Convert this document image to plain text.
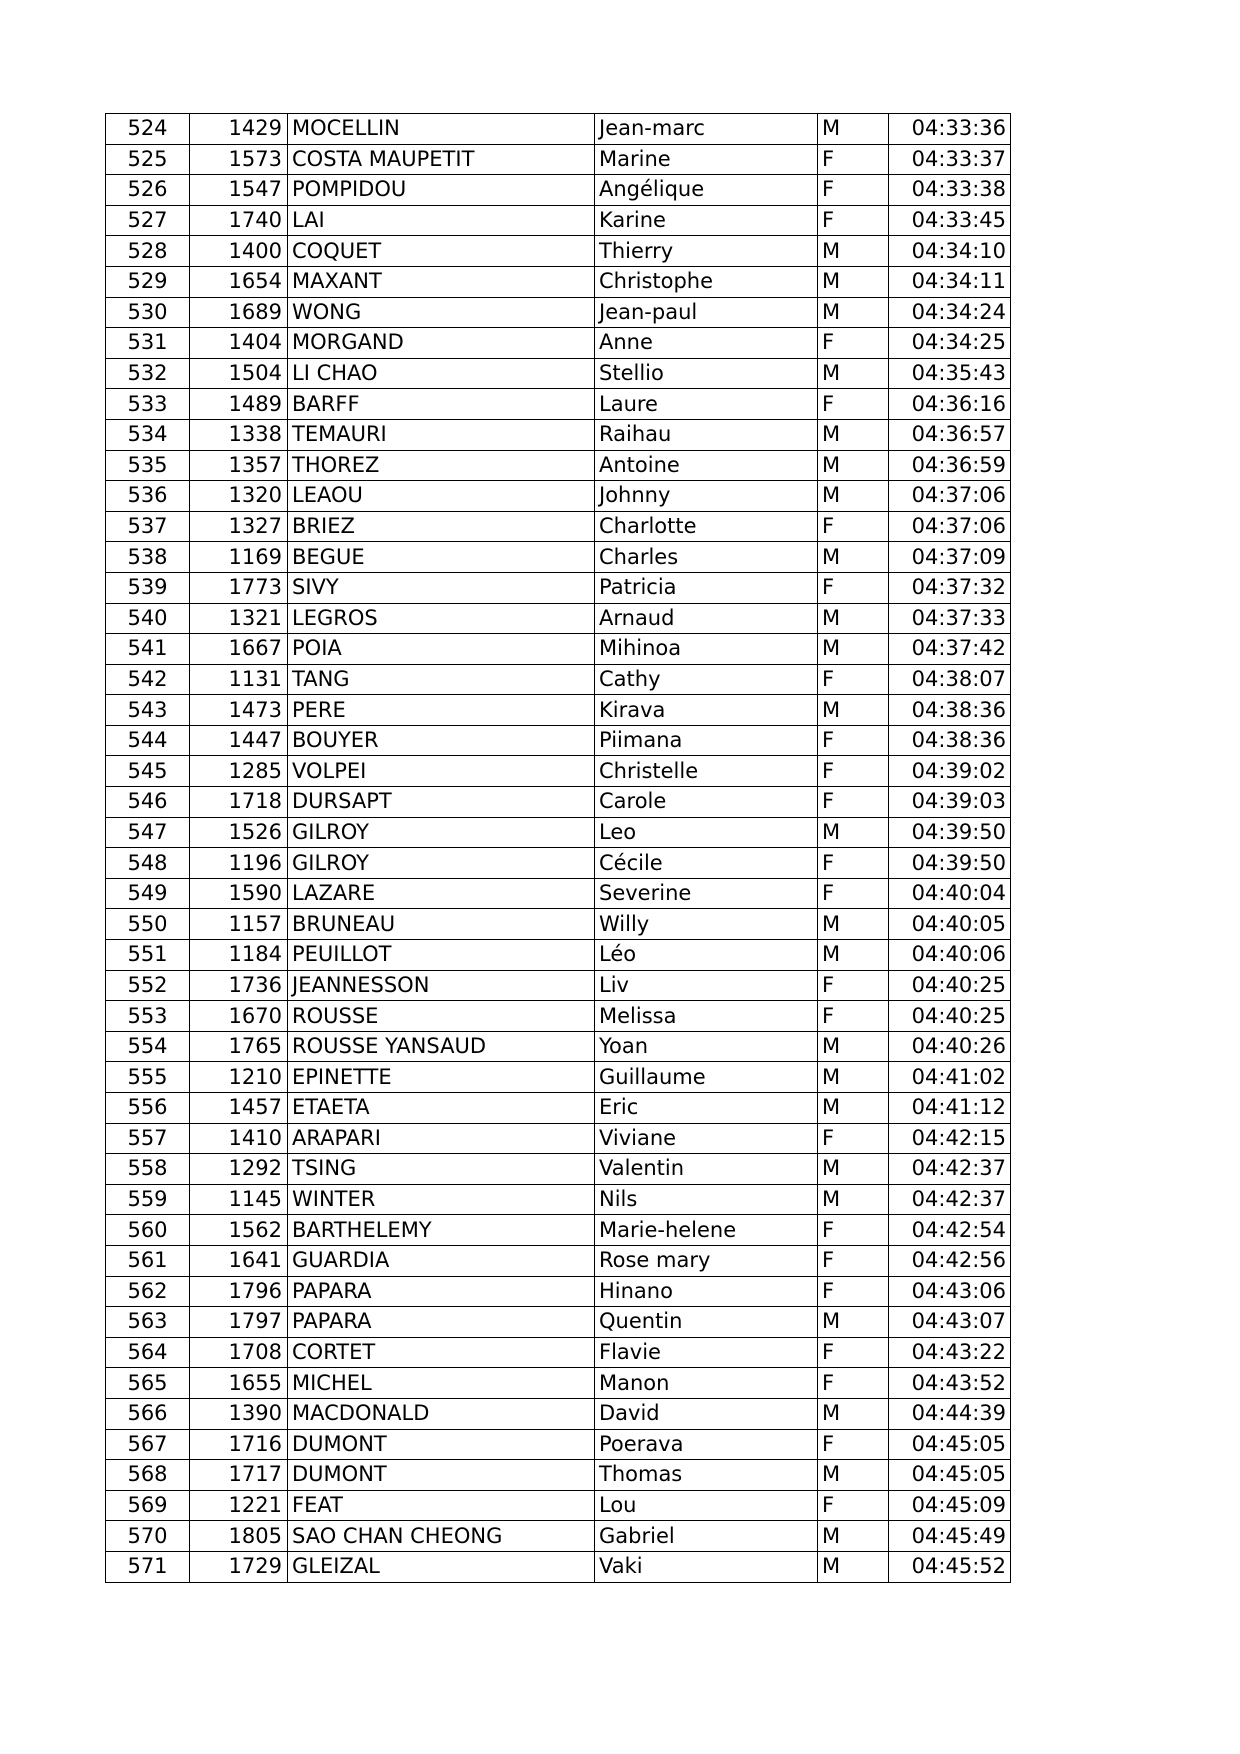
524	1429	MOCELLIN	Jean-marc	M	04:33:36
525	1573	COSTA MAUPETIT	Marine	F	04:33:37
526	1547	POMPIDOU	Angélique	F	04:33:38
527	1740	LAI	Karine	F	04:33:45
528	1400	COQUET	Thierry	M	04:34:10
529	1654	MAXANT	Christophe	M	04:34:11
530	1689	WONG	Jean-paul	M	04:34:24
531	1404	MORGAND	Anne	F	04:34:25
532	1504	LI CHAO	Stellio	M	04:35:43
533	1489	BARFF	Laure	F	04:36:16
534	1338	TEMAURI	Raihau	M	04:36:57
535	1357	THOREZ	Antoine	M	04:36:59
536	1320	LEAOU	Johnny	M	04:37:06
537	1327	BRIEZ	Charlotte	F	04:37:06
538	1169	BEGUE	Charles	M	04:37:09
539	1773	SIVY	Patricia	F	04:37:32
540	1321	LEGROS	Arnaud	M	04:37:33
541	1667	POIA	Mihinoa	M	04:37:42
542	1131	TANG	Cathy	F	04:38:07
543	1473	PERE	Kirava	M	04:38:36
544	1447	BOUYER	Piimana	F	04:38:36
545	1285	VOLPEI	Christelle	F	04:39:02
546	1718	DURSAPT	Carole	F	04:39:03
547	1526	GILROY	Leo	M	04:39:50
548	1196	GILROY	Cécile	F	04:39:50
549	1590	LAZARE	Severine	F	04:40:04
550	1157	BRUNEAU	Willy	M	04:40:05
551	1184	PEUILLOT	Léo	M	04:40:06
552	1736	JEANNESSON	Liv	F	04:40:25
553	1670	ROUSSE	Melissa	F	04:40:25
554	1765	ROUSSE YANSAUD	Yoan	M	04:40:26
555	1210	EPINETTE	Guillaume	M	04:41:02
556	1457	ETAETA	Eric	M	04:41:12
557	1410	ARAPARI	Viviane	F	04:42:15
558	1292	TSING	Valentin	M	04:42:37
559	1145	WINTER	Nils	M	04:42:37
560	1562	BARTHELEMY	Marie-helene	F	04:42:54
561	1641	GUARDIA	Rose mary	F	04:42:56
562	1796	PAPARA	Hinano	F	04:43:06
563	1797	PAPARA	Quentin	M	04:43:07
564	1708	CORTET	Flavie	F	04:43:22
565	1655	MICHEL	Manon	F	04:43:52
566	1390	MACDONALD	David	M	04:44:39
567	1716	DUMONT	Poerava	F	04:45:05
568	1717	DUMONT	Thomas	M	04:45:05
569	1221	FEAT	Lou	F	04:45:09
570	1805	SAO CHAN CHEONG	Gabriel	M	04:45:49
571	1729	GLEIZAL	Vaki	M	04:45:52
